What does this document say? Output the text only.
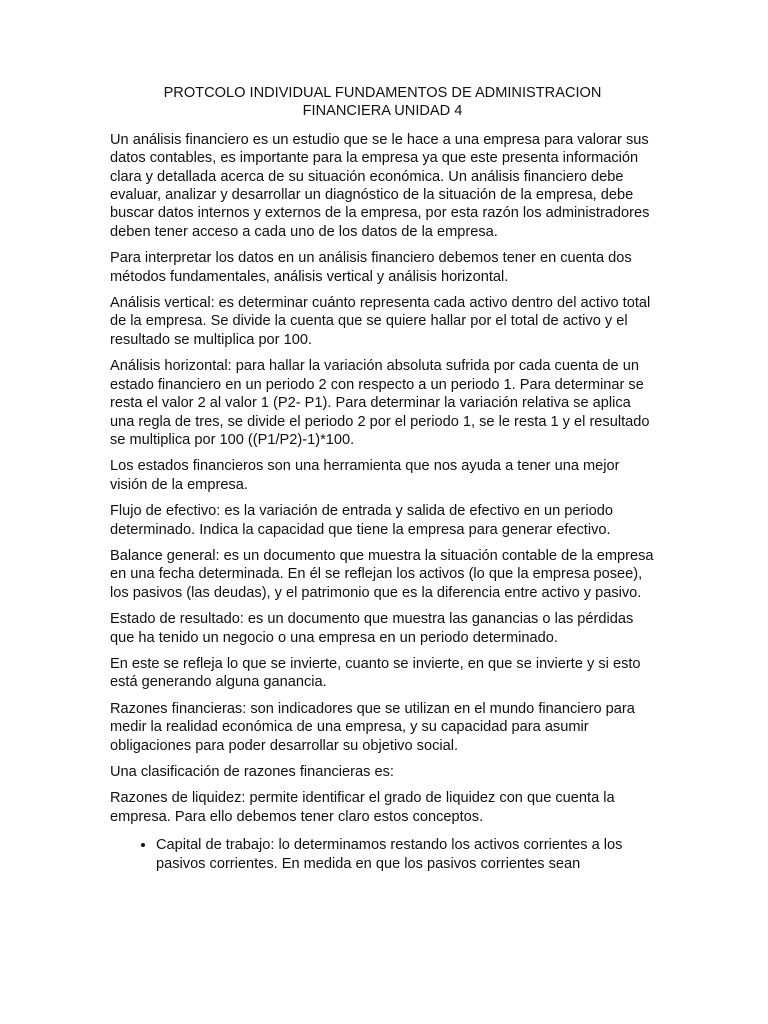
PROTCOLO INDIVIDUAL FUNDAMENTOS DE ADMINISTRACION
FINANCIERA UNIDAD 4

Un análisis financiero es un estudio que se le hace a una empresa para valorar sus datos contables, es importante para la empresa ya que este presenta información clara y detallada acerca de su situación económica. Un análisis financiero debe evaluar, analizar y desarrollar un diagnóstico de la situación de la empresa, debe buscar datos internos y externos de la empresa, por esta razón los administradores deben tener acceso a cada uno de los datos de la empresa.

Para interpretar los datos en un análisis financiero debemos tener en cuenta dos métodos fundamentales, análisis vertical y análisis horizontal.

Análisis vertical: es determinar cuánto representa cada activo dentro del activo total de la empresa. Se divide la cuenta que se quiere hallar por el total de activo y el resultado se multiplica por 100.

Análisis horizontal: para hallar la variación absoluta sufrida por cada cuenta de un estado financiero en un periodo 2 con respecto a un periodo 1. Para determinar se resta el valor 2 al valor 1 (P2- P1). Para determinar la variación relativa se aplica una regla de tres, se divide el periodo 2 por el periodo 1, se le resta 1 y el resultado se multiplica por 100 ((P1/P2)-1)*100.

Los estados financieros son una herramienta que nos ayuda a tener una mejor visión de la empresa.

Flujo de efectivo: es la variación de entrada y salida de efectivo en un periodo determinado. Indica la capacidad que tiene la empresa para generar efectivo.

Balance general: es un documento que muestra la situación contable de la empresa en una fecha determinada. En él se reflejan los activos (lo que la empresa posee), los pasivos (las deudas), y el patrimonio que es la diferencia entre activo y pasivo.

Estado de resultado: es un documento que muestra las ganancias o las pérdidas que ha tenido un negocio o una empresa en un periodo determinado.

En este se refleja lo que se invierte, cuanto se invierte, en que se invierte y si esto está generando alguna ganancia.

Razones financieras: son indicadores que se utilizan en el mundo financiero para medir la realidad económica de una empresa, y su capacidad para asumir obligaciones para poder desarrollar su objetivo social.

Una clasificación de razones financieras es:

Razones de liquidez: permite identificar el grado de liquidez con que cuenta la empresa. Para ello debemos tener claro estos conceptos.

• Capital de trabajo: lo determinamos restando los activos corrientes a los pasivos corrientes. En medida en que los pasivos corrientes sean
